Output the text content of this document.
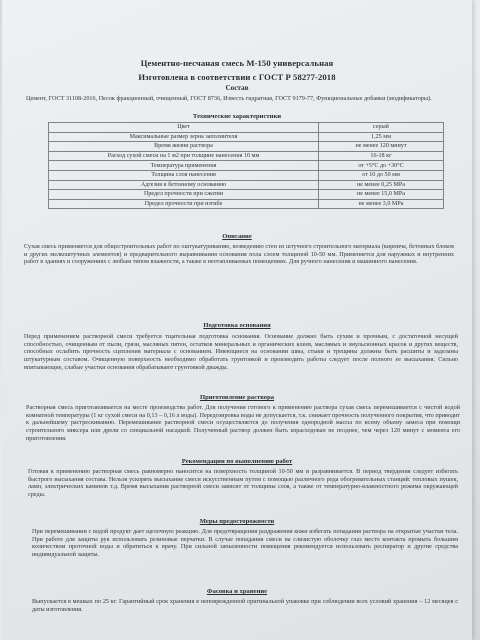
Цементно-песчаная смесь М-150 универсальная
Изготовлена в соответствии с ГОСТ Р 58277-2018
Состав
Цемент, ГОСТ 31108-2016, Песок фракционный, очищенный, ГОСТ 8736, Известь гидратная, ГОСТ 9179-77, Функциональные добавки (модификаторы).
Технические характеристики
Цвет	серый
Максимальные размер зерна заполнителя	1,25 мм
Время жизни раствора	не менее 120 минут
Расход сухой смеси на 1 м2 при толщине нанесения 10 мм	16-18 кг
Температура применения	от +5°С до +30°С
Толщина слоя нанесения	от 10 до 50 мм
Адгезия к бетонному основанию	не менее 0,25 MPa
Предел прочности при сжатии	не менее 15,0 MPa
Предел прочности при изгибе	не менее 3,0 MPa
Описание
Сухая смесь применяется для общестроительных работ по оштукатуриванию, возведению стен из штучного строительного материала (кирпича, бетонных блоков и других мелкоштучных элементов) и предварительного выравнивания основания пола слоем толщиной 10-50 мм. Применяется для наружных и внутренних работ в зданиях и сооружениях с любым типом влажности, а также в неотапливаемых помещениях. Для ручного нанесения и машинного нанесения.
Подготовка основания
Перед применением растворной смеси требуется тщательная подготовка основания. Основание должно быть сухим и прочным, с достаточной несущей способностью, очищенным от пыли, грязи, масляных пятен, остатков минеральных и органических клеев, масляных и эмульсионных красок и других веществ, способных ослабить прочность сцепления материала с основанием. Имеющиеся на основании швы, стыки и трещины должны быть расшиты и заделаны штукатурным составом. Очищенную поверхность необходимо обработать грунтовкой и производить работы следует после полного ее высыхания. Сильно впитывающие, слабые участки основания обрабатывают грунтовкой дважды.
Приготовление раствора
Растворная смесь приготавливается на месте производства работ. Для получения готового к применению раствора сухая смесь перемешивается с чистой водой комнатной температуры (1 кг сухой смеси на 0,13 – 0,16 л воды). Передозировка воды не допускается, т.к. снижает прочность полученного покрытия, что приводит к дальнейшему растрескиванию. Перемешивание растворной смеси осуществляется до получения однородной массы по всему объему замеса при помощи строительного миксера или дрели со специальной насадкой. Полученный раствор должен быть израсходован не позднее, чем через 120 минут с момента его приготовления.
Рекомендации по выполнению работ
Готовая к применению растворная смесь равномерно наносится на поверхность толщиной 10-50 мм и разравнивается. В период твердения следует избегать быстрого высыхания состава. Нельзя ускорять высыхание смеси искусственным путем с помощью различного рода обогревательных станций: тепловых пушек, ламп, электрических каминов т.д. Время высыхания растворной смеси зависит от толщины слоя, а также от температурно-влажностного режима окружающей среды.
Меры предосторожности
При перемешивании с водой продукт дает щелочную реакцию. Для предотвращения раздражения кожи избегать попадания раствора на открытые участки тела. При работе для защиты рук использовать резиновые перчатки. В случае попадания смеси на слизистую оболочку глаз место контакта промыть большим количеством проточной воды и обратиться к врачу. При сильной запыленности помещения рекомендуется использовать респиратор и другие средства индивидуальной защиты.
Фасовка и хранение
Выпускается в мешках по 25 кг. Гарантийный срок хранения в неповрежденной оригинальной упаковке при соблюдении всех условий хранения – 12 месяцев с даты изготовления.
